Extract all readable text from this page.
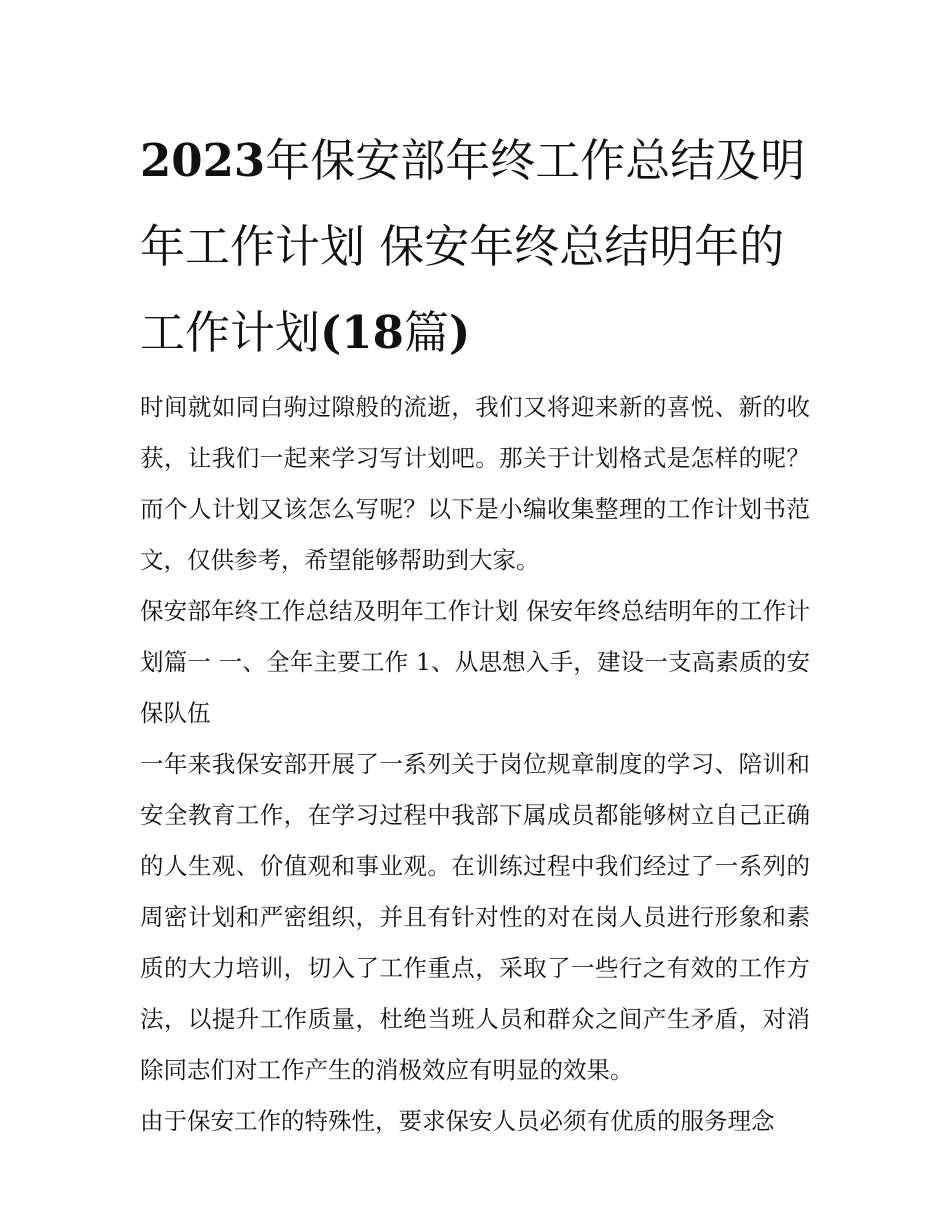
2023年保安部年终工作总结及明年工作计划 保安年终总结明年的工作计划(18篇)

时间就如同白驹过隙般的流逝，我们又将迎来新的喜悦、新的收获，让我们一起来学习写计划吧。那关于计划格式是怎样的呢？而个人计划又该怎么写呢？以下是小编收集整理的工作计划书范文，仅供参考，希望能够帮助到大家。

保安部年终工作总结及明年工作计划 保安年终总结明年的工作计划篇一 一、全年主要工作 1、从思想入手，建设一支高素质的安保队伍

一年来我保安部开展了一系列关于岗位规章制度的学习、陪训和安全教育工作，在学习过程中我部下属成员都能够树立自己正确的人生观、价值观和事业观。在训练过程中我们经过了一系列的周密计划和严密组织，并且有针对性的对在岗人员进行形象和素质的大力培训，切入了工作重点，采取了一些行之有效的工作方法，以提升工作质量，杜绝当班人员和群众之间产生矛盾，对消除同志们对工作产生的消极效应有明显的效果。

由于保安工作的特殊性，要求保安人员必须有优质的服务理念
